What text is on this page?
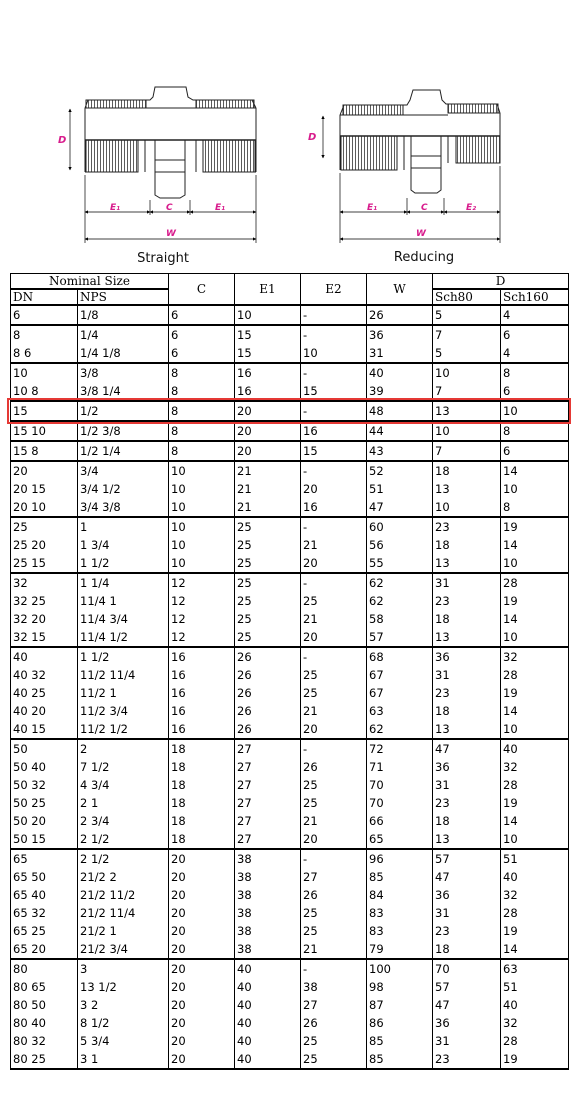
D
E₁	C	E₁
W
Straight
D
E₁	C	E₂
W
Reducing
Nominal Size		C	E1	E2	W	D	
DN	NPS					Sch80	Sch160
6	1/8	6	10	-	26	5	4
8	1/4	6	15	-	36	7	6
8 6	1/4 1/8	6	15	10	31	5	4
10	3/8	8	16	-	40	10	8
10 8	3/8 1/4	8	16	15	39	7	6
15	1/2	8	20	-	48	13	10
15 10	1/2 3/8	8	20	16	44	10	8
15 8	1/2 1/4	8	20	15	43	7	6
20	3/4	10	21	-	52	18	14
20 15	3/4 1/2	10	21	20	51	13	10
20 10	3/4 3/8	10	21	16	47	10	8
25	1	10	25	-	60	23	19
25 20	1 3/4	10	25	21	56	18	14
25 15	1 1/2	10	25	20	55	13	10
32	1 1/4	12	25	-	62	31	28
32 25	11/4 1	12	25	25	62	23	19
32 20	11/4 3/4	12	25	21	58	18	14
32 15	11/4 1/2	12	25	20	57	13	10
40	1 1/2	16	26	-	68	36	32
40 32	11/2 11/4	16	26	25	67	31	28
40 25	11/2 1	16	26	25	67	23	19
40 20	11/2 3/4	16	26	21	63	18	14
40 15	11/2 1/2	16	26	20	62	13	10
50	2	18	27	-	72	47	40
50 40	7 1/2	18	27	26	71	36	32
50 32	4 3/4	18	27	25	70	31	28
50 25	2 1	18	27	25	70	23	19
50 20	2 3/4	18	27	21	66	18	14
50 15	2 1/2	18	27	20	65	13	10
65	2 1/2	20	38	-	96	57	51
65 50	21/2 2	20	38	27	85	47	40
65 40	21/2 11/2	20	38	26	84	36	32
65 32	21/2 11/4	20	38	25	83	31	28
65 25	21/2 1	20	38	25	83	23	19
65 20	21/2 3/4	20	38	21	79	18	14
80	3	20	40	-	100	70	63
80 65	13 1/2	20	40	38	98	57	51
80 50	3 2	20	40	27	87	47	40
80 40	8 1/2	20	40	26	86	36	32
80 32	5 3/4	20	40	25	85	31	28
80 25	3 1	20	40	25	85	23	19
